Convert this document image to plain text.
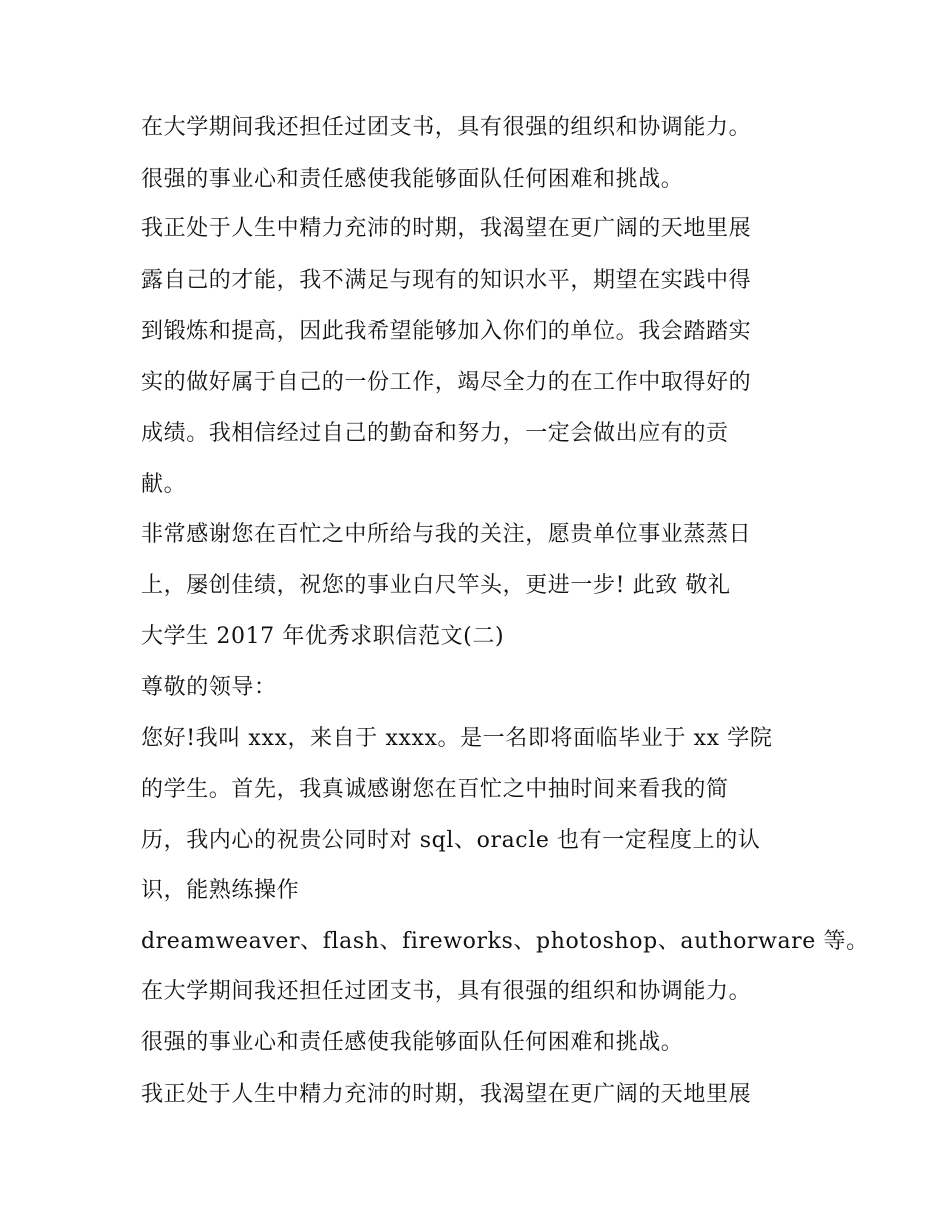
在大学期间我还担任过团支书，具有很强的组织和协调能力。
很强的事业心和责任感使我能够面队任何困难和挑战。
我正处于人生中精力充沛的时期，我渴望在更广阔的天地里展
露自己的才能，我不满足与现有的知识水平，期望在实践中得
到锻炼和提高，因此我希望能够加入你们的单位。我会踏踏实
实的做好属于自己的一份工作，竭尽全力的在工作中取得好的
成绩。我相信经过自己的勤奋和努力，一定会做出应有的贡
献。
非常感谢您在百忙之中所给与我的关注，愿贵单位事业蒸蒸日
上，屡创佳绩，祝您的事业白尺竿头，更进一步! 此致 敬礼
大学生 2017 年优秀求职信范文(二)
尊敬的领导：
您好!我叫 xxx，来自于 xxxx。是一名即将面临毕业于 xx 学院
的学生。首先，我真诚感谢您在百忙之中抽时间来看我的简
历，我内心的祝贵公同时对 sql、oracle 也有一定程度上的认
识，能熟练操作
dreamweaver、flash、fireworks、photoshop、authorware 等。
在大学期间我还担任过团支书，具有很强的组织和协调能力。
很强的事业心和责任感使我能够面队任何困难和挑战。
我正处于人生中精力充沛的时期，我渴望在更广阔的天地里展
